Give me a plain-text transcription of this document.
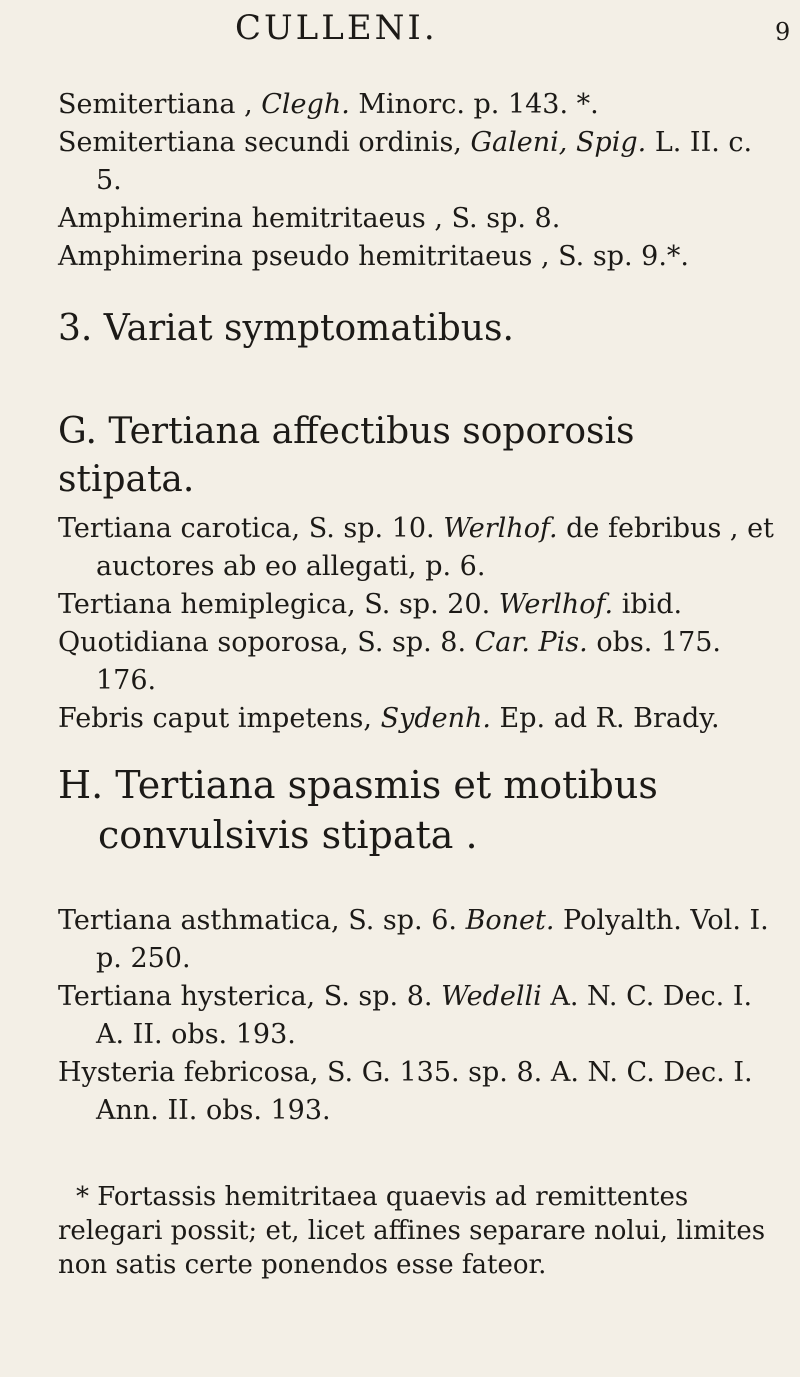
CULLENI.	9

Semitertiana , Clegh. Minorc. p. 143. *.

Semitertiana secundi ordinis, Galeni, Spig. L. II. c. 5.

Amphimerina hemitritaeus , S. sp. 8.

Amphimerina pseudo hemitritaeus , S. sp. 9.*.

3. Variat symptomatibus.

G. Tertiana affectibus soporosis stipata.

Tertiana carotica, S. sp. 10. Werlhof. de febribus , et auctores ab eo allegati, p. 6.

Tertiana hemiplegica, S. sp. 20. Werlhof. ibid.

Quotidiana soporosa, S. sp. 8. Car. Pis. obs. 175. 176.

Febris caput impetens, Sydenh. Ep. ad R. Brady.

H. Tertiana spasmis et motibus convulsivis stipata .

Tertiana asthmatica, S. sp. 6. Bonet. Polyalth. Vol. I. p. 250.

Tertiana hysterica, S. sp. 8. Wedelli A. N. C. Dec. I. A. II. obs. 193.

Hysteria febricosa, S. G. 135. sp. 8. A. N. C. Dec. I. Ann. II. obs. 193.

* Fortassis hemitritaea quaevis ad remittentes relegari possit; et, licet affines separare nolui, limites non satis certe ponendos esse fateor.
